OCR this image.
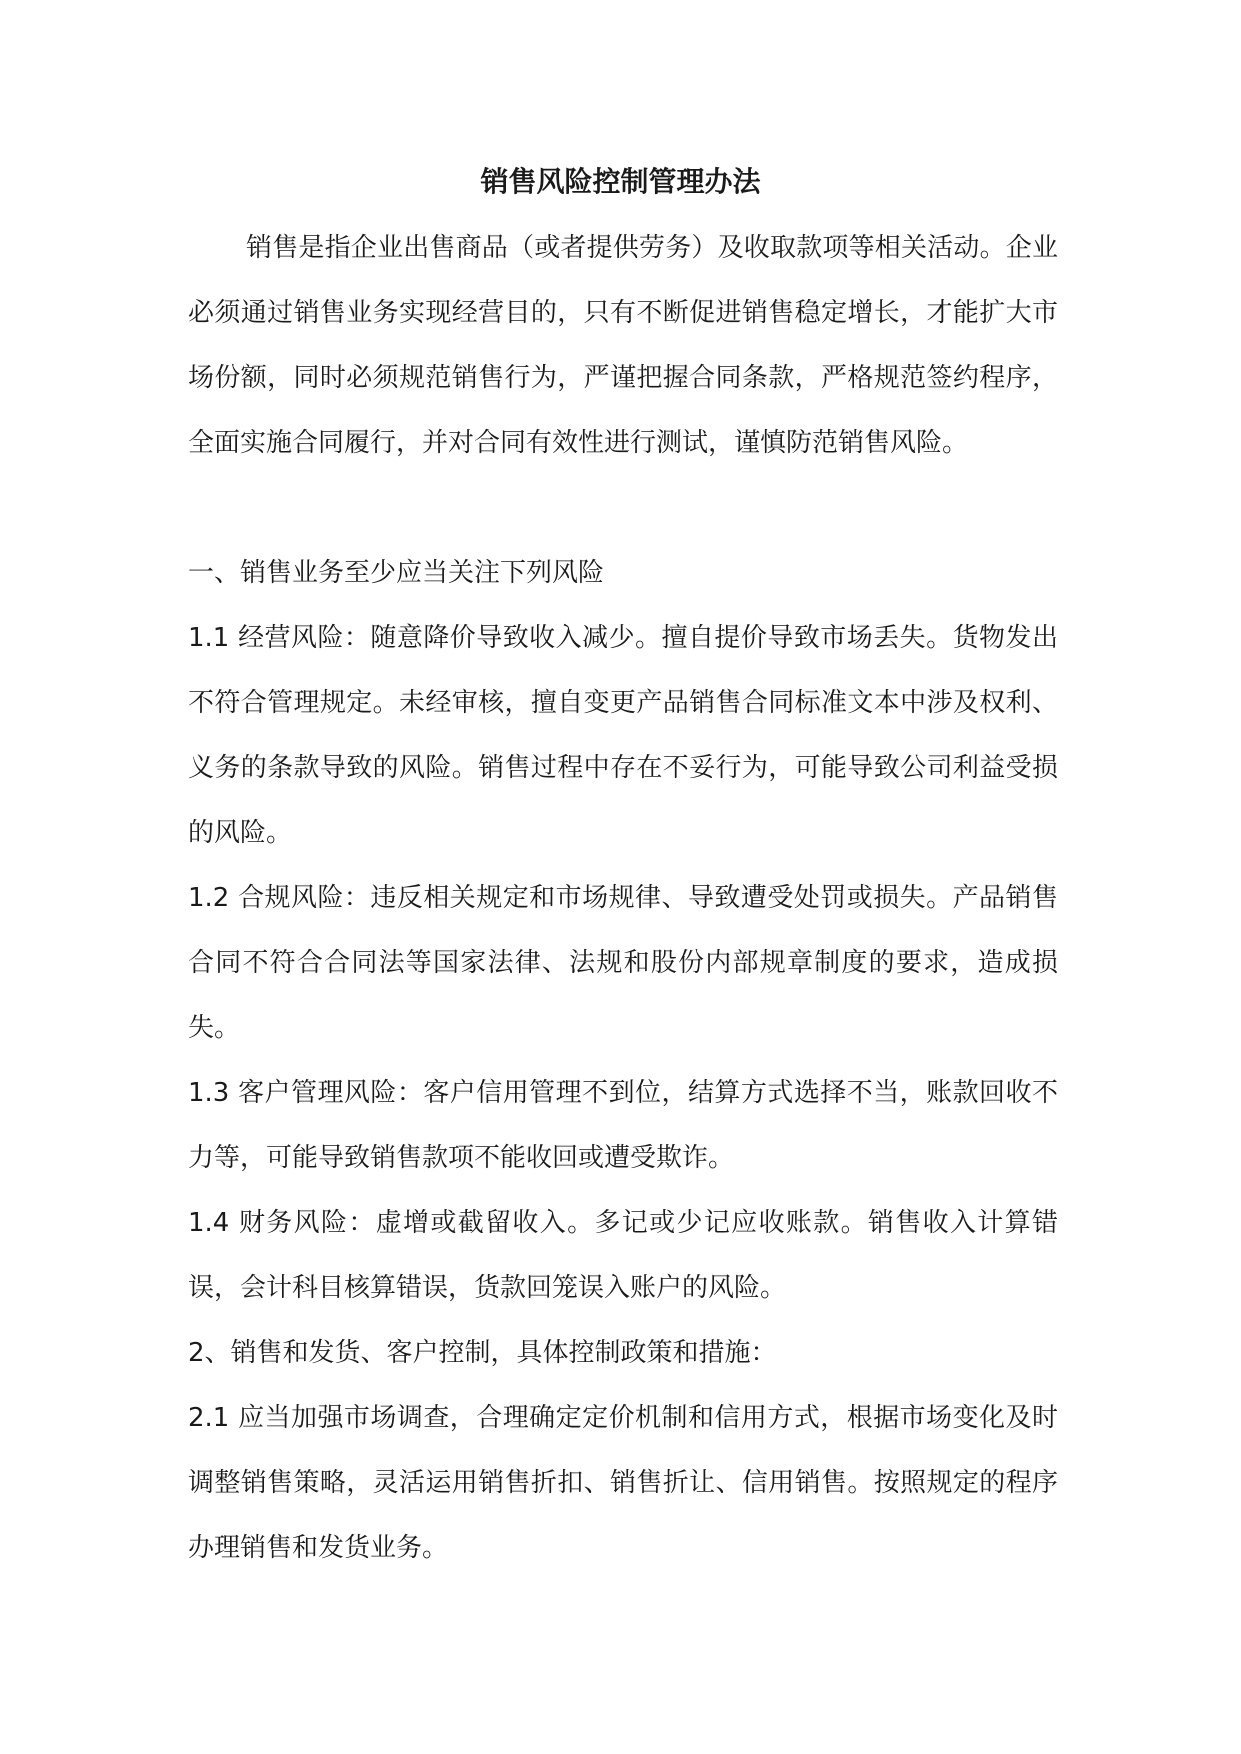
销售风险控制管理办法

销售是指企业出售商品（或者提供劳务）及收取款项等相关活动。企业必须通过销售业务实现经营目的，只有不断促进销售稳定增长，才能扩大市场份额，同时必须规范销售行为，严谨把握合同条款，严格规范签约程序，全面实施合同履行，并对合同有效性进行测试，谨慎防范销售风险。

一、销售业务至少应当关注下列风险

1.1 经营风险：随意降价导致收入减少。擅自提价导致市场丢失。货物发出不符合管理规定。未经审核，擅自变更产品销售合同标准文本中涉及权利、义务的条款导致的风险。销售过程中存在不妥行为，可能导致公司利益受损的风险。

1.2 合规风险：违反相关规定和市场规律、导致遭受处罚或损失。产品销售合同不符合合同法等国家法律、法规和股份内部规章制度的要求，造成损失。

1.3 客户管理风险：客户信用管理不到位，结算方式选择不当，账款回收不力等，可能导致销售款项不能收回或遭受欺诈。

1.4 财务风险：虚增或截留收入。多记或少记应收账款。销售收入计算错误，会计科目核算错误，货款回笼误入账户的风险。

2、销售和发货、客户控制，具体控制政策和措施：

2.1 应当加强市场调查，合理确定定价机制和信用方式，根据市场变化及时调整销售策略，灵活运用销售折扣、销售折让、信用销售。按照规定的程序办理销售和发货业务。
